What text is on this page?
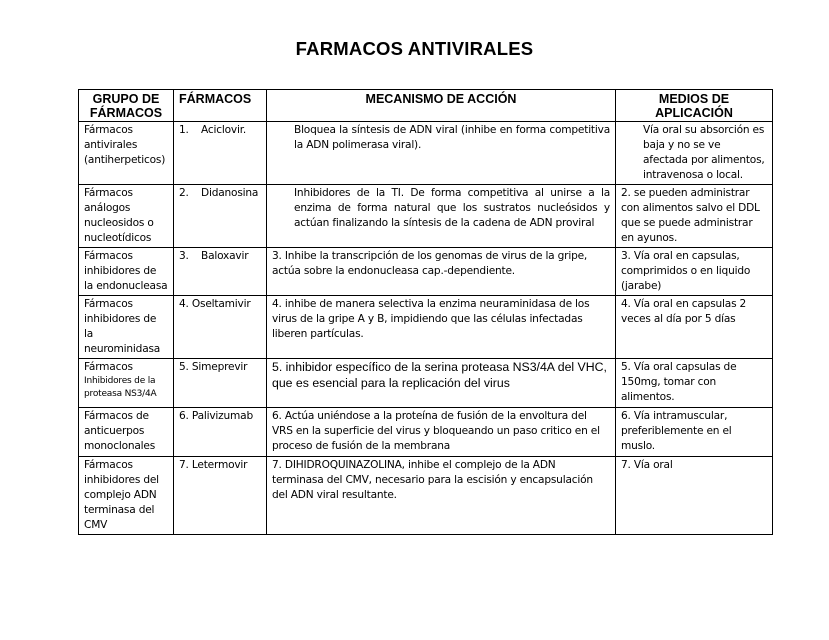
FARMACOS ANTIVIRALES
GRUPO DE FÁRMACOS	FÁRMACOS	MECANISMO DE ACCIÓN	MEDIOS DE APLICACIÓN
Fármacos antivirales (antiherpeticos)	1. Aciclovir.	Bloquea la síntesis de ADN viral (inhibe en forma competitiva la ADN polimerasa viral).	Vía oral su absorción es baja y no se ve afectada por alimentos, intravenosa o local.

Fármacos análogos nucleosidos o nucleotídicos	2. Didanosina	Inhibidores de la TI. De forma competitiva al unirse a la enzima de forma natural que los sustratos nucleósidos y actúan finalizando la síntesis de la cadena de ADN proviral	2. se pueden administrar con alimentos salvo el DDL que se puede administrar en ayunos.
Fármacos inhibidores de la endonucleasa	3. Baloxavir	3. Inhibe la transcripción de los genomas de virus de la gripe, actúa sobre la endonucleasa cap.-dependiente.	3. Vía oral en capsulas, comprimidos o en liquido (jarabe)
Fármacos inhibidores de la neurominidasa	4. Oseltamivir	4. inhibe de manera selectiva la enzima neuraminidasa de los virus de la gripe A y B, impidiendo que las células infectadas liberen partículas.	4. Vía oral en capsulas 2 veces al día por 5 días

Fármacos
Inhibidores de la proteasa NS3/4A	5. Simeprevir	5. inhibidor específico de la serina proteasa NS3/4A del VHC, que es esencial para la replicación del virus	5. Vía oral capsulas de 150mg, tomar con alimentos.
Fármacos de anticuerpos monoclonales	6. Palivizumab	6. Actúa uniéndose a la proteína de fusión de la envoltura del VRS en la superficie del virus y bloqueando un paso critico en el proceso de fusión de la membrana	6. Vía intramuscular, preferiblemente en el muslo.
Fármacos inhibidores del complejo ADN terminasa del CMV	7. Letermovir	7. DIHIDROQUINAZOLINA, inhibe el complejo de la ADN terminasa del CMV, necesario para la escisión y encapsulación del ADN viral resultante.	7. Vía oral
